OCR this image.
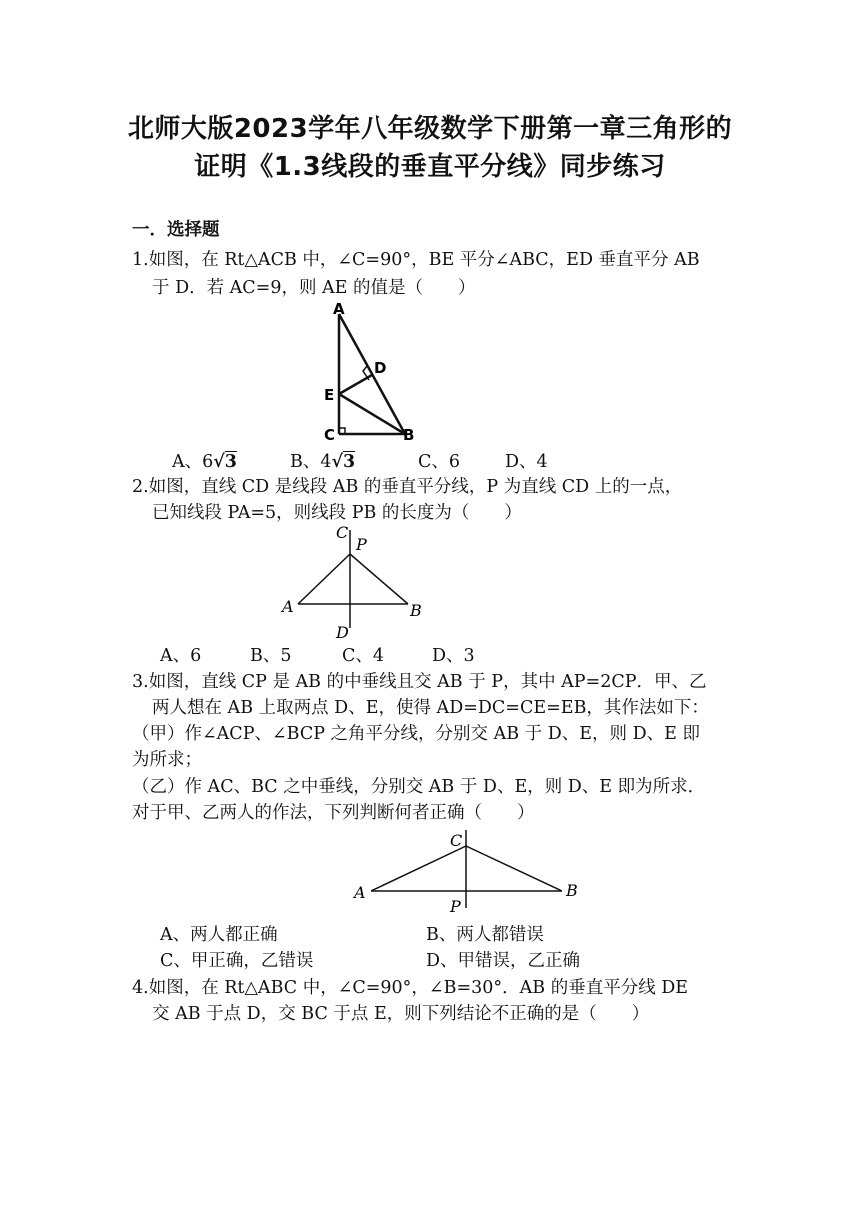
北师大版2023学年八年级数学下册第一章三角形的
证明《1.3线段的垂直平分线》同步练习
一．选择题
1.如图，在 Rt△ACB 中，∠C=90°，BE 平分∠ABC，ED 垂直平分 AB
于 D．若 AC=9，则 AE 的值是（　　）
A
D
E
C	B
A、6√3	B、4√3	C、6	D、4
2.如图，直线 CD 是线段 AB 的垂直平分线，P 为直线 CD 上的一点，
已知线段 PA=5，则线段 PB 的长度为（　　）
C
P
A	B
D
A、6	B、5	C、4	D、3
3.如图，直线 CP 是 AB 的中垂线且交 AB 于 P，其中 AP=2CP．甲、乙
两人想在 AB 上取两点 D、E，使得 AD=DC=CE=EB，其作法如下：
（甲）作∠ACP、∠BCP 之角平分线，分别交 AB 于 D、E，则 D、E 即
为所求；
（乙）作 AC、BC 之中垂线，分别交 AB 于 D、E，则 D、E 即为所求．
对于甲、乙两人的作法，下列判断何者正确（　　）
C
A	B
P
A、两人都正确	B、两人都错误
C、甲正确，乙错误	D、甲错误，乙正确
4.如图，在 Rt△ABC 中，∠C=90°，∠B=30°．AB 的垂直平分线 DE
交 AB 于点 D，交 BC 于点 E，则下列结论不正确的是（　　）
